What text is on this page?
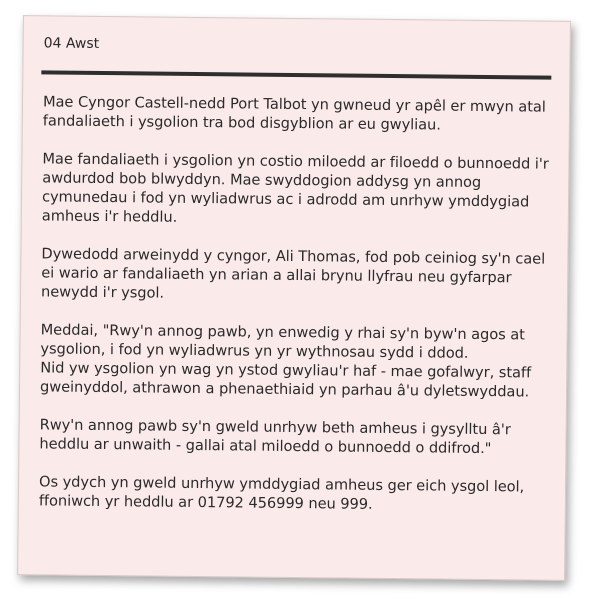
04 Awst

Mae Cyngor Castell-nedd Port Talbot yn gwneud yr apêl er mwyn atal fandaliaeth i ysgolion tra bod disgyblion ar eu gwyliau.

Mae fandaliaeth i ysgolion yn costio miloedd ar filoedd o bunnoedd i'r awdurdod bob blwyddyn. Mae swyddogion addysg yn annog cymunedau i fod yn wyliadwrus ac i adrodd am unrhyw ymddygiad amheus i'r heddlu.

Dywedodd arweinydd y cyngor, Ali Thomas, fod pob ceiniog sy'n cael ei wario ar fandaliaeth yn arian a allai brynu llyfrau neu gyfarpar newydd i'r ysgol.

Meddai, "Rwy'n annog pawb, yn enwedig y rhai sy'n byw'n agos at ysgolion, i fod yn wyliadwrus yn yr wythnosau sydd i ddod.
Nid yw ysgolion yn wag yn ystod gwyliau'r haf - mae gofalwyr, staff gweinyddol, athrawon a phenaethiaid yn parhau â'u dyletswyddau.

Rwy'n annog pawb sy'n gweld unrhyw beth amheus i gysylltu â'r heddlu ar unwaith - gallai atal miloedd o bunnoedd o ddifrod."

Os ydych yn gweld unrhyw ymddygiad amheus ger eich ysgol leol, ffoniwch yr heddlu ar 01792 456999 neu 999.
